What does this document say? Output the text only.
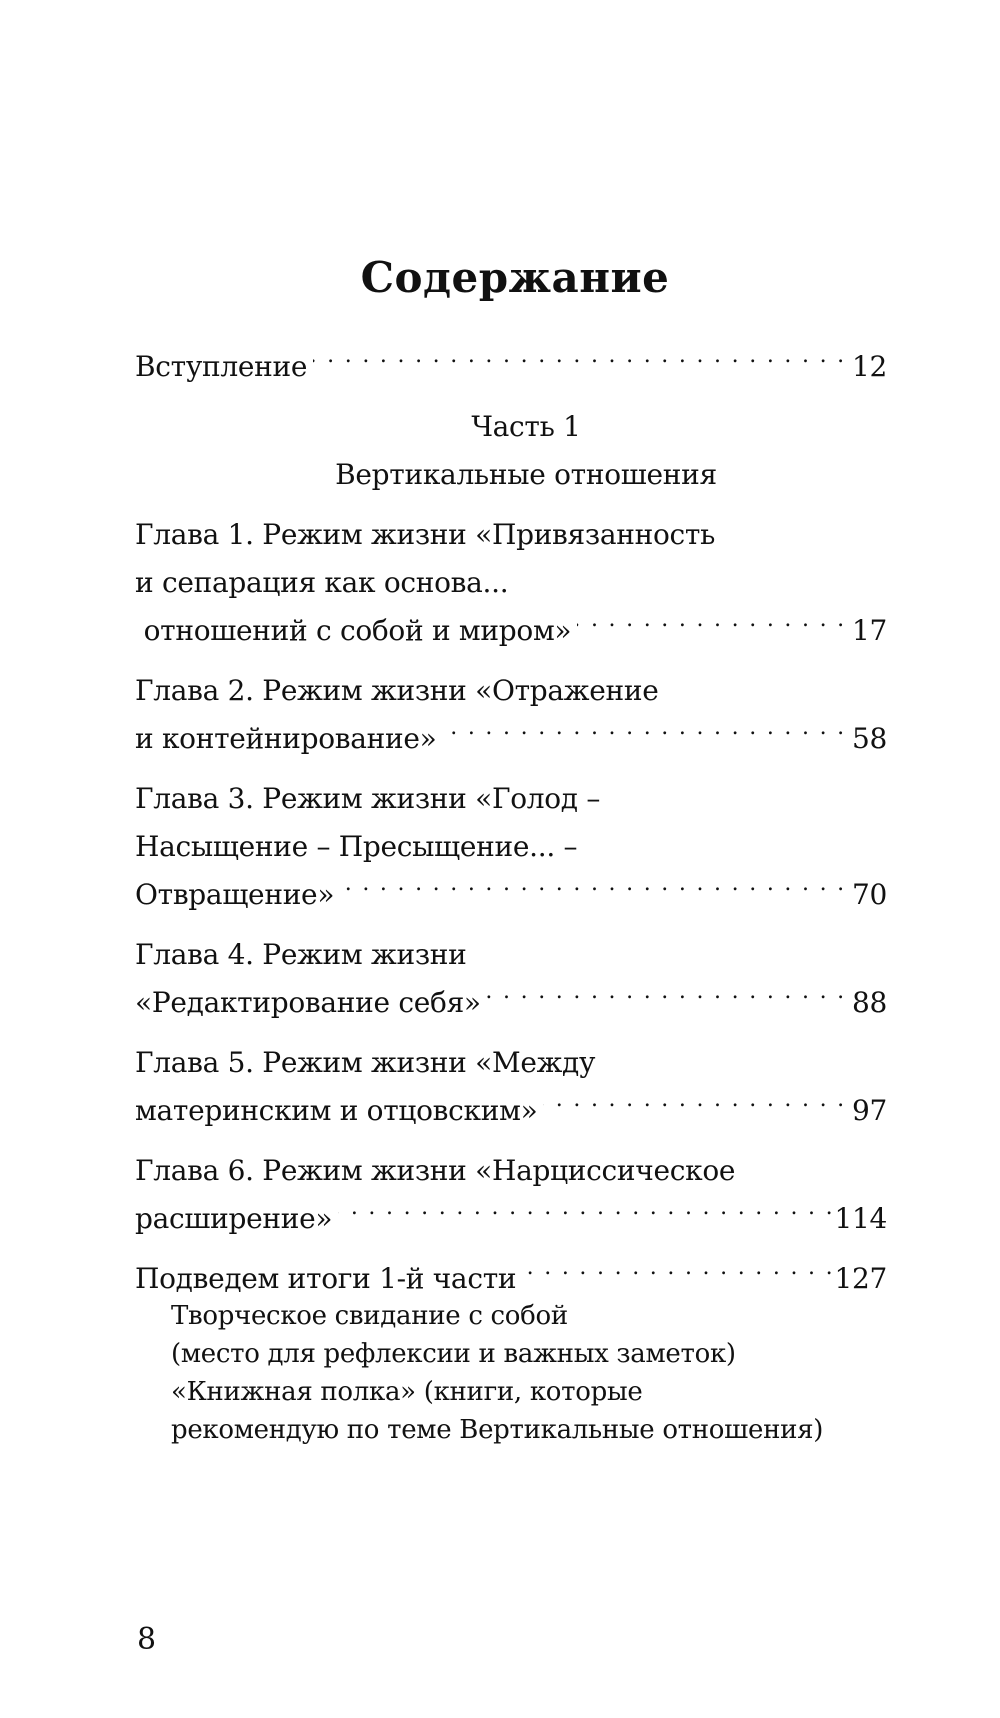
Содержание
Вступление . . .	12
Часть 1
Вертикальные отношения
Глава 1. Режим жизни «Привязанность
и сепарация как основа...
отношений с собой и миром» . . .	17
Глава 2. Режим жизни «Отражение
и контейнирование» . . .	58
Глава 3. Режим жизни «Голод –
Насыщение – Пресыщение... –
Отвращение» . . .	70
Глава 4. Режим жизни
«Редактирование себя» . . .	88
Глава 5. Режим жизни «Между
материнским и отцовским» . . .	97
Глава 6. Режим жизни «Нарциссическое
расширение» . . .	114
Подведем итоги 1-й части . . .	127
Творческое свидание с собой
(место для рефлексии и важных заметок)
«Книжная полка» (книги, которые
рекомендую по теме Вертикальные отношения)
8
